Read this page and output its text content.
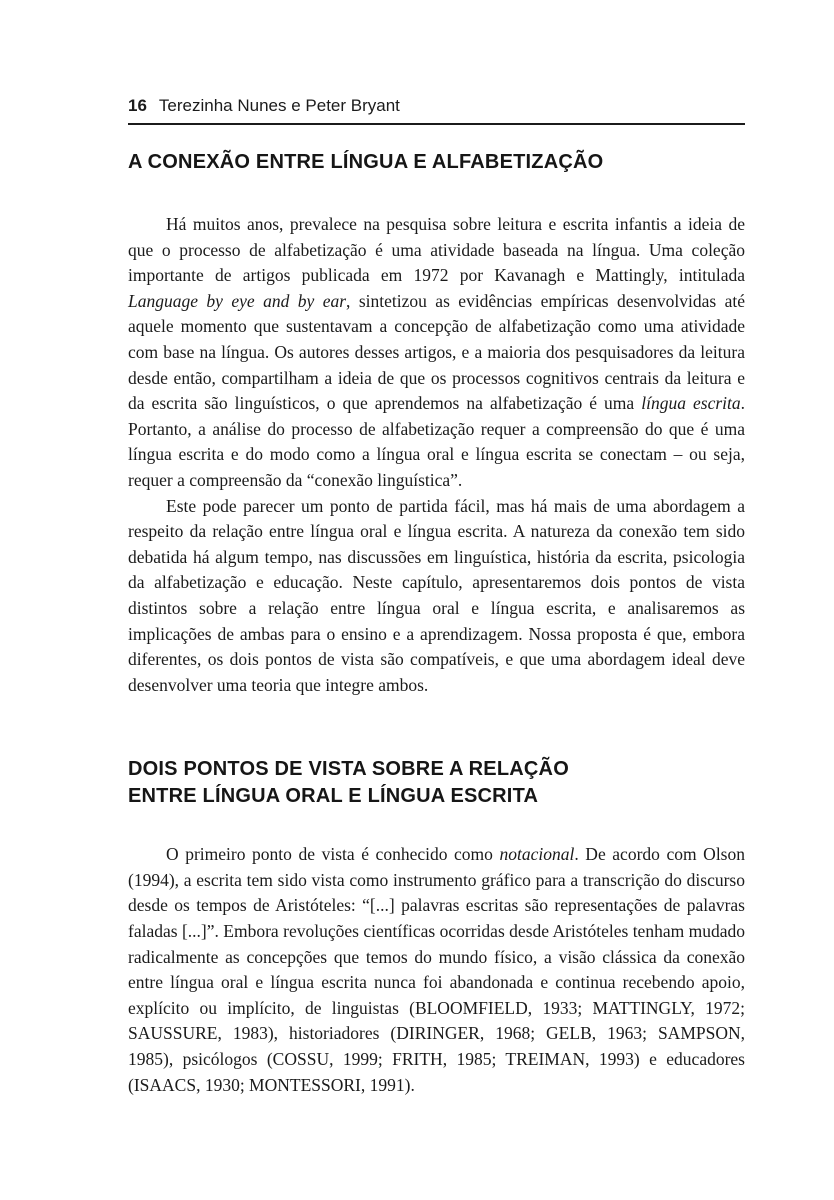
16 Terezinha Nunes e Peter Bryant
A CONEXÃO ENTRE LÍNGUA E ALFABETIZAÇÃO

Há muitos anos, prevalece na pesquisa sobre leitura e escrita infantis a ideia de que o processo de alfabetização é uma atividade baseada na língua. Uma coleção importante de artigos publicada em 1972 por Kavanagh e Mattingly, intitulada Language by eye and by ear, sintetizou as evidências empíricas desenvolvidas até aquele momento que sustentavam a concepção de alfabetização como uma atividade com base na língua. Os autores desses artigos, e a maioria dos pesquisadores da leitura desde então, compartilham a ideia de que os processos cognitivos centrais da leitura e da escrita são linguísticos, o que aprendemos na alfabetização é uma língua escrita. Portanto, a análise do processo de alfabetização requer a compreensão do que é uma língua escrita e do modo como a língua oral e língua escrita se conectam – ou seja, requer a compreensão da “conexão linguística”.

Este pode parecer um ponto de partida fácil, mas há mais de uma abordagem a respeito da relação entre língua oral e língua escrita. A natureza da conexão tem sido debatida há algum tempo, nas discussões em linguística, história da escrita, psicologia da alfabetização e educação. Neste capítulo, apresentaremos dois pontos de vista distintos sobre a relação entre língua oral e língua escrita, e analisaremos as implicações de ambas para o ensino e a aprendizagem. Nossa proposta é que, embora diferentes, os dois pontos de vista são compatíveis, e que uma abordagem ideal deve desenvolver uma teoria que integre ambos.

DOIS PONTOS DE VISTA SOBRE A RELAÇÃO
ENTRE LÍNGUA ORAL E LÍNGUA ESCRITA

O primeiro ponto de vista é conhecido como notacional. De acordo com Olson (1994), a escrita tem sido vista como instrumento gráfico para a transcrição do discurso desde os tempos de Aristóteles: “[...] palavras escritas são representações de palavras faladas [...]”. Embora revoluções científicas ocorridas desde Aristóteles tenham mudado radicalmente as concepções que temos do mundo físico, a visão clássica da conexão entre língua oral e língua escrita nunca foi abandonada e continua recebendo apoio, explícito ou implícito, de linguistas (BLOOMFIELD, 1933; MATTINGLY, 1972; SAUSSURE, 1983), historiadores (DIRINGER, 1968; GELB, 1963; SAMPSON, 1985), psicólogos (COSSU, 1999; FRITH, 1985; TREIMAN, 1993) e educadores (ISAACS, 1930; MONTESSORI, 1991).
